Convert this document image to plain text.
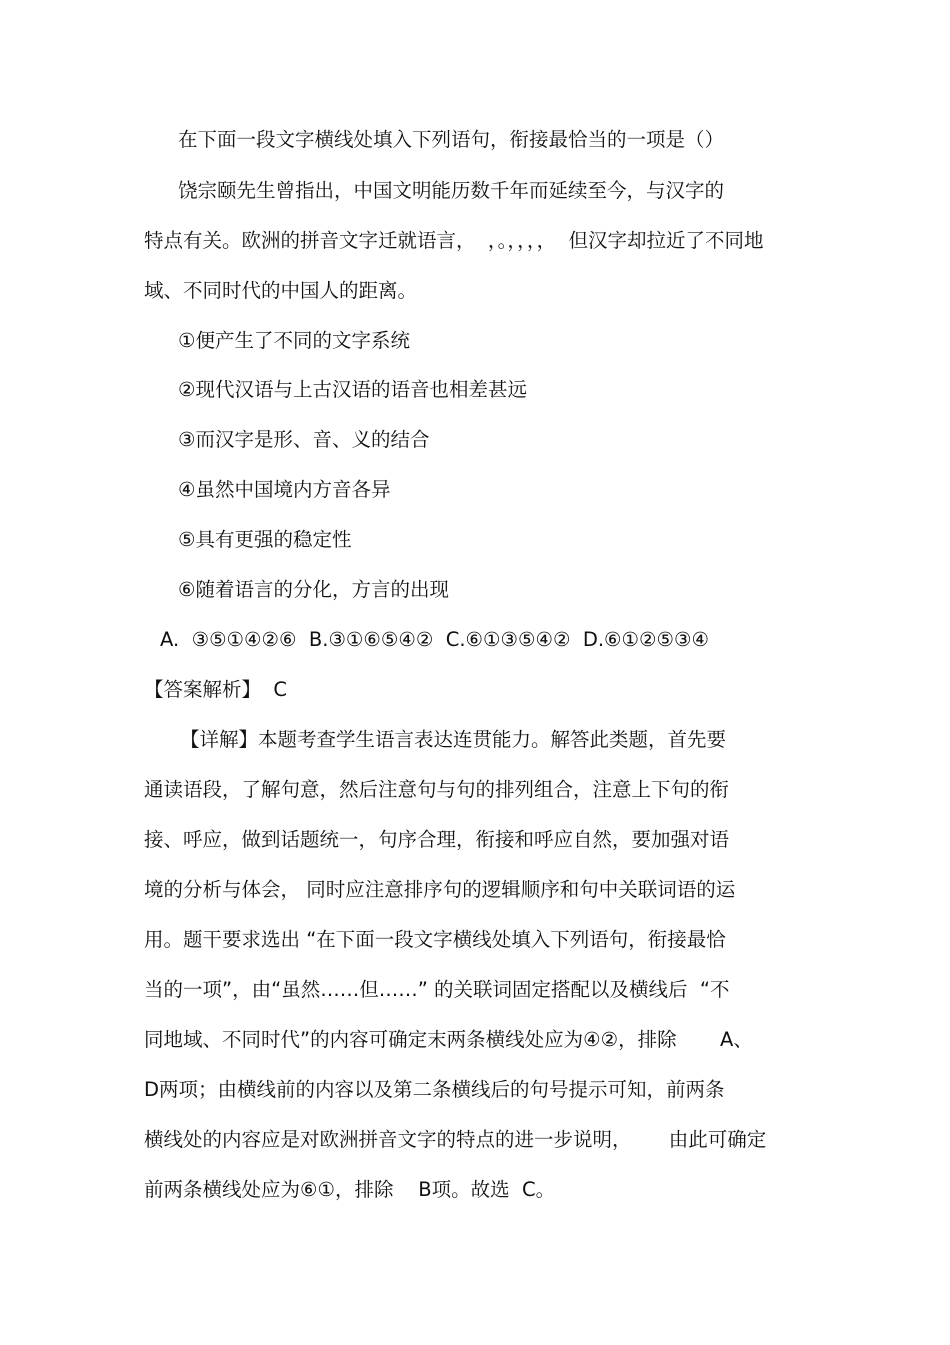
在下面一段文字横线处填入下列语句，衔接最恰当的一项是（）
饶宗颐先生曾指出，中国文明能历数千年而延续至今，与汉字的
特点有关。欧洲的拼音文字迁就语言，  ，。，，，，  但汉字却拉近了不同地
域、不同时代的中国人的距离。
①便产生了不同的文字系统
②现代汉语与上古汉语的语音也相差甚远
③而汉字是形、音、义的结合
④虽然中国境内方音各异
⑤具有更强的稳定性
⑥随着语言的分化，方言的出现
A.  ③⑤①④②⑥  B.③①⑥⑤④②  C.⑥①③⑤④②  D.⑥①②⑤③④
【答案解析】  C
【详解】本题考查学生语言表达连贯能力。解答此类题，首先要
通读语段，了解句意，然后注意句与句的排列组合，注意上下句的衔
接、呼应，做到话题统一，句序合理，衔接和呼应自然，要加强对语
境的分析与体会， 同时应注意排序句的逻辑顺序和句中关联词语的运
用。题干要求选出 “在下面一段文字横线处填入下列语句，衔接最恰
当的一项”，由“虽然……但……” 的关联词固定搭配以及横线后  “不
同地域、不同时代”的内容可确定末两条横线处应为④②，排除       A、
D两项；由横线前的内容以及第二条横线后的句号提示可知，前两条
横线处的内容应是对欧洲拼音文字的特点的进一步说明，      由此可确定
前两条横线处应为⑥①，排除    B项。故选  C。
